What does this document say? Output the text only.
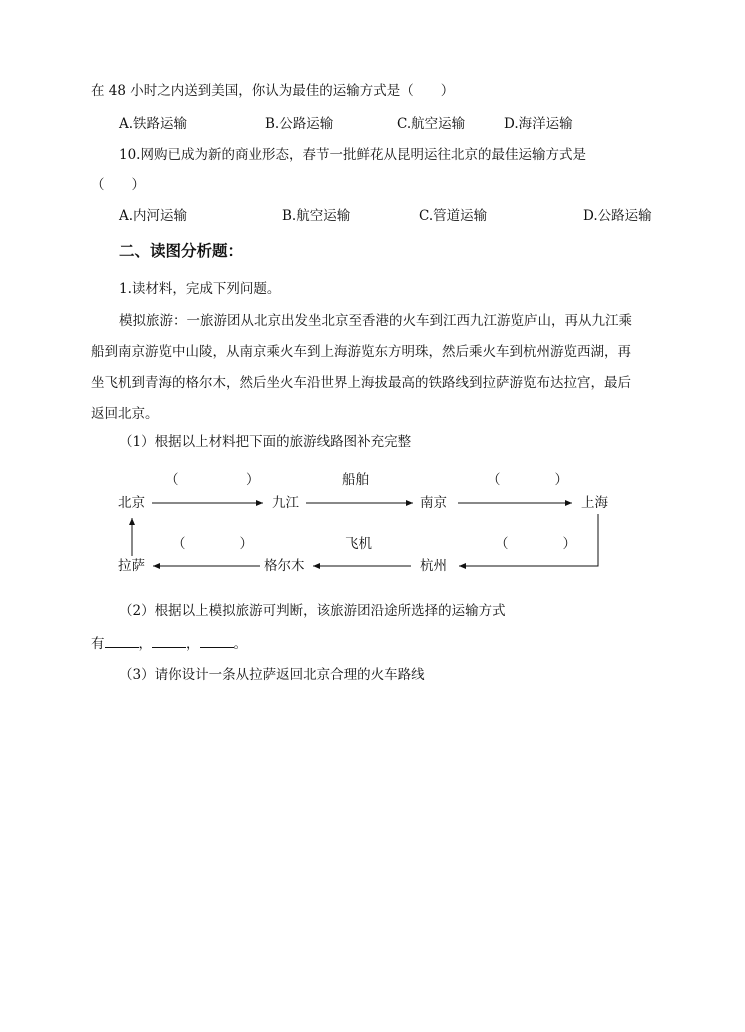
在 48 小时之内送到美国，你认为最佳的运输方式是（　　）
A.铁路运输	B.公路运输	C.航空运输	D.海洋运输
10.网购已成为新的商业形态，春节一批鲜花从昆明运往北京的最佳运输方式是
（　　）
A.内河运输	B.航空运输	C.管道运输	D.公路运输
二、读图分析题：
1.读材料，完成下列问题。
模拟旅游：一旅游团从北京出发坐北京至香港的火车到江西九江游览庐山，再从九江乘
船到南京游览中山陵，从南京乘火车到上海游览东方明珠，然后乘火车到杭州游览西湖，再
坐飞机到青海的格尔木，然后坐火车沿世界上海拔最高的铁路线到拉萨游览布达拉宫，最后
返回北京。
（1）根据以上材料把下面的旅游线路图补充完整
北京	九江	南京	上海
杭州
格尔木
拉萨
（　　　　　）	船舶	（　　　　）
（　　　　）
飞机
（　　　　）
（2）根据以上模拟旅游可判断，该旅游团沿途所选择的运输方式
有	，	，	。
（3）请你设计一条从拉萨返回北京合理的火车路线
